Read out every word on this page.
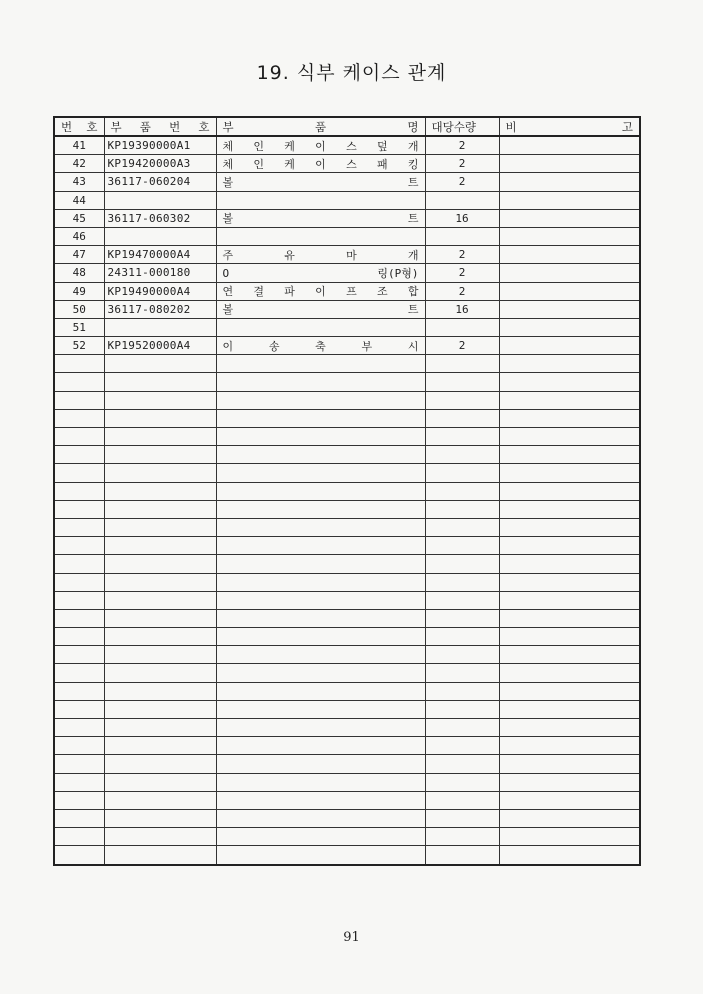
19. 식부 케이스 관계
번 호	부 품 번 호	부 품 명	대당수량	비 고
41	KP19390000A1	체 인 케 이 스 덮 개	2	
42	KP19420000A3	체 인 케 이 스 패 킹	2	
43	36117-060204	볼 트	2	
44				
45	36117-060302	볼 트	16	
46				
47	KP19470000A4	주 유 마 개	2	
48	24311-000180	O 링(P형)	2	
49	KP19490000A4	연 결 파 이 프 조 합	2	
50	36117-080202	볼 트	16	
51				
52	KP19520000A4	이 송 축 부 시	2	

91
